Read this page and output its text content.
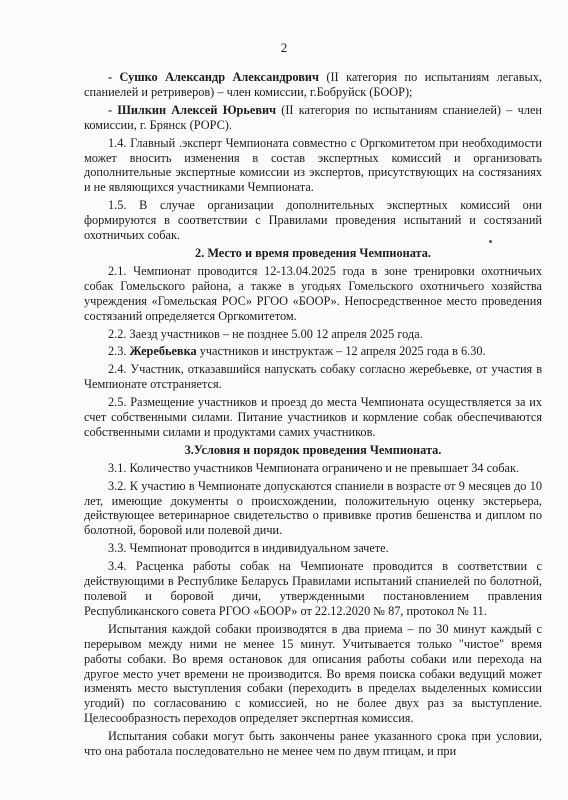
2

- Сушко Александр Александрович (II категория по испытаниям легавых, спаниелей и ретриверов) – член комиссии, г.Бобруйск (БООР);

- Шилкин Алексей Юрьевич (II категория по испытаниям спаниелей) – член комиссии, г. Брянск (РОРС).

1.4. Главный .эксперт Чемпионата совместно с Оргкомитетом при необходимости может вносить изменения в состав экспертных комиссий и организовать дополнительные экспертные комиссии из экспертов, присутствующих на состязаниях и не являющихся участниками Чемпионата.

1.5. В случае организации дополнительных экспертных комиссий они формируются в соответствии с Правилами проведения испытаний и состязаний охотничьих собак.

2. Место и время проведения Чемпионата.

2.1. Чемпионат проводится 12-13.04.2025 года в зоне тренировки охотничьих собак Гомельского района, а также в угодьях Гомельского охотничьего хозяйства учреждения «Гомельская РОС» РГОО «БООР». Непосредственное место проведения состязаний определяется Оргкомитетом.

2.2. Заезд участников – не позднее 5.00 12 апреля 2025 года.

2.3. Жеребьевка участников и инструктаж – 12 апреля 2025 года в 6.30.

2.4. Участник, отказавшийся напускать собаку согласно жеребьевке, от участия в Чемпионате отстраняется.

2.5. Размещение участников и проезд до места Чемпионата осуществляется за их счет собственными силами. Питание участников и кормление собак обеспечиваются собственными силами и продуктами самих участников.

3.Условия и порядок проведения Чемпионата.

3.1. Количество участников Чемпионата ограничено и не превышает 34 собак.

3.2. К участию в Чемпионате допускаются спаниели в возрасте от 9 месяцев до 10 лет, имеющие документы о происхождении, положительную оценку экстерьера, действующее ветеринарное свидетельство о прививке против бешенства и диплом по болотной, боровой или полевой дичи.

3.3. Чемпионат проводится в индивидуальном зачете.

3.4. Расценка работы собак на Чемпионате проводится в соответствии с действующими в Республике Беларусь Правилами испытаний спаниелей по болотной, полевой и боровой дичи, утвержденными постановлением правления Республиканского совета РГОО «БООР» от 22.12.2020 № 87, протокол № 11.

Испытания каждой собаки производятся в два приема – по 30 минут каждый с перерывом между ними не менее 15 минут. Учитывается только "чистое" время работы собаки. Во время остановок для описания работы собаки или перехода на другое место учет времени не производится. Во время поиска собаки ведущий может изменять место выступления собаки (переходить в пределах выделенных комиссии угодий) по согласованию с комиссией, но не более двух раз за выступление. Целесообразность переходов определяет экспертная комиссия.

Испытания собаки могут быть закончены ранее указанного срока при условии, что она работала последовательно не менее чем по двум птицам, и при
